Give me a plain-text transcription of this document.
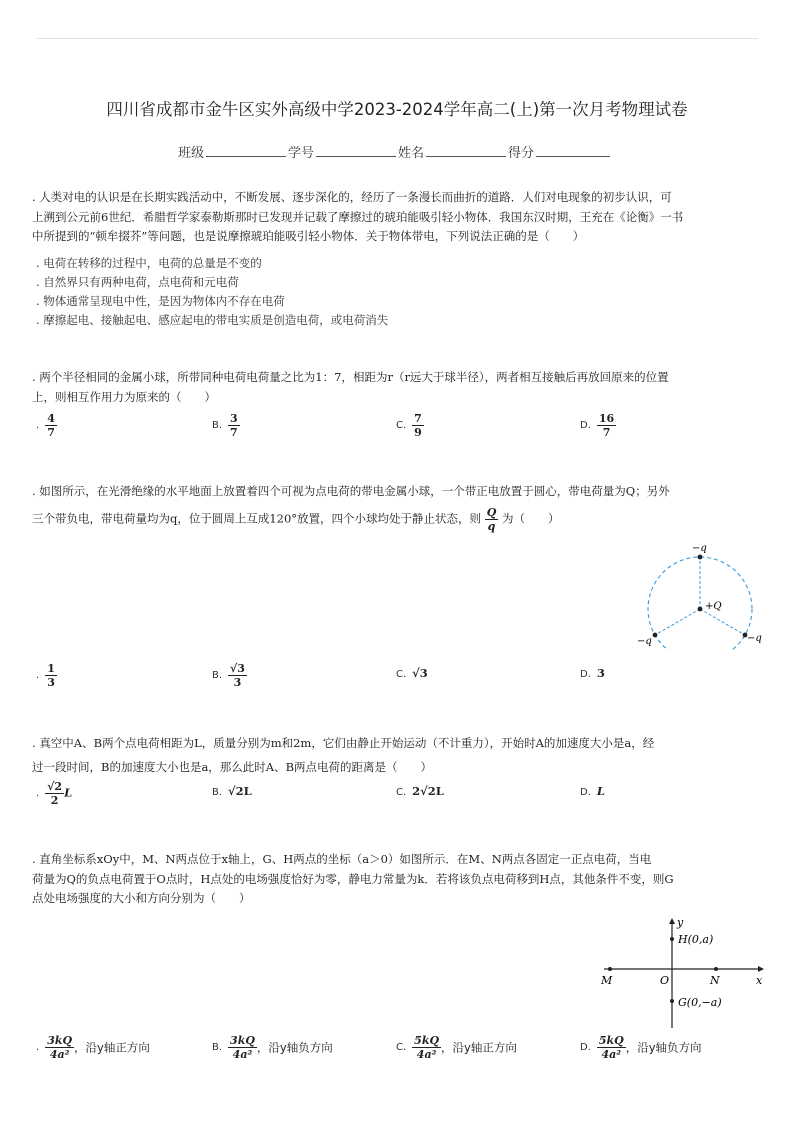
四川省成都市金牛区实外高级中学2023-2024学年高二(上)第一次月考物理试卷
班级	学号	姓名	得分
. 人类对电的认识是在长期实践活动中，不断发展、逐步深化的，经历了一条漫长而曲折的道路．人们对电现象的初步认识，可
上溯到公元前6世纪．希腊哲学家泰勒斯那时已发现并记载了摩擦过的琥珀能吸引轻小物体．我国东汉时期，王充在《论衡》一书
中所提到的“顿牟掇芥”等问题，也是说摩擦琥珀能吸引轻小物体．关于物体带电，下列说法正确的是（　　）
. 电荷在转移的过程中，电荷的总量是不变的
. 自然界只有两种电荷，点电荷和元电荷
. 物体通常呈现电中性，是因为物体内不存在电荷
. 摩擦起电、接触起电、感应起电的带电实质是创造电荷，或电荷消失
. 两个半径相同的金属小球，所带同种电荷电荷量之比为1：7，相距为r（r远大于球半径），两者相互接触后再放回原来的位置
上，则相互作用力为原来的（　　）
. $\frac{4}{7}$	B. $\frac{3}{7}$	C. $\frac{7}{9}$	D. $\frac{16}{7}$
. 如图所示，在光滑绝缘的水平地面上放置着四个可视为点电荷的带电金属小球，一个带正电放置于圆心，带电荷量为Q；另外
三个带负电，带电荷量均为q，位于圆周上互成120°放置，四个小球均处于静止状态，则 $\frac{Q}{q}$ 为（　　）
−q
+Q
−q	−q
. $\frac{1}{3}$	B. $\frac{√3}{3}$	C. √3	D. 3
. 真空中A、B两个点电荷相距为L，质量分别为m和2m，它们由静止开始运动（不计重力），开始时A的加速度大小是a，经
过一段时间，B的加速度大小也是a，那么此时A、B两点电荷的距离是（　　）
. $\frac{√2}{2}$ L	B. √2L	C. 2√2L	D. L
. 直角坐标系xOy中，M、N两点位于x轴上，G、H两点的坐标（a＞0）如图所示．在M、N两点各固定一正点电荷，当电
荷量为Q的负点电荷置于O点时，H点处的电场强度恰好为零，静电力常量为k．若将该负点电荷移到H点，其他条件不变，则G
点处电场强度的大小和方向分别为（　　）
y
H(0,a)
M	O	N	x
G(0,−a)
. $\frac{3kQ}{\text{4a²}}$ ，沿y轴正方向	B. $\frac{3kQ}{\text{4a²}}$ ，沿y轴负方向	C. $\frac{5kQ}{\text{4a²}}$ ，沿y轴正方向	D. $\frac{5kQ}{\text{4a²}}$ ，沿y轴负方向
